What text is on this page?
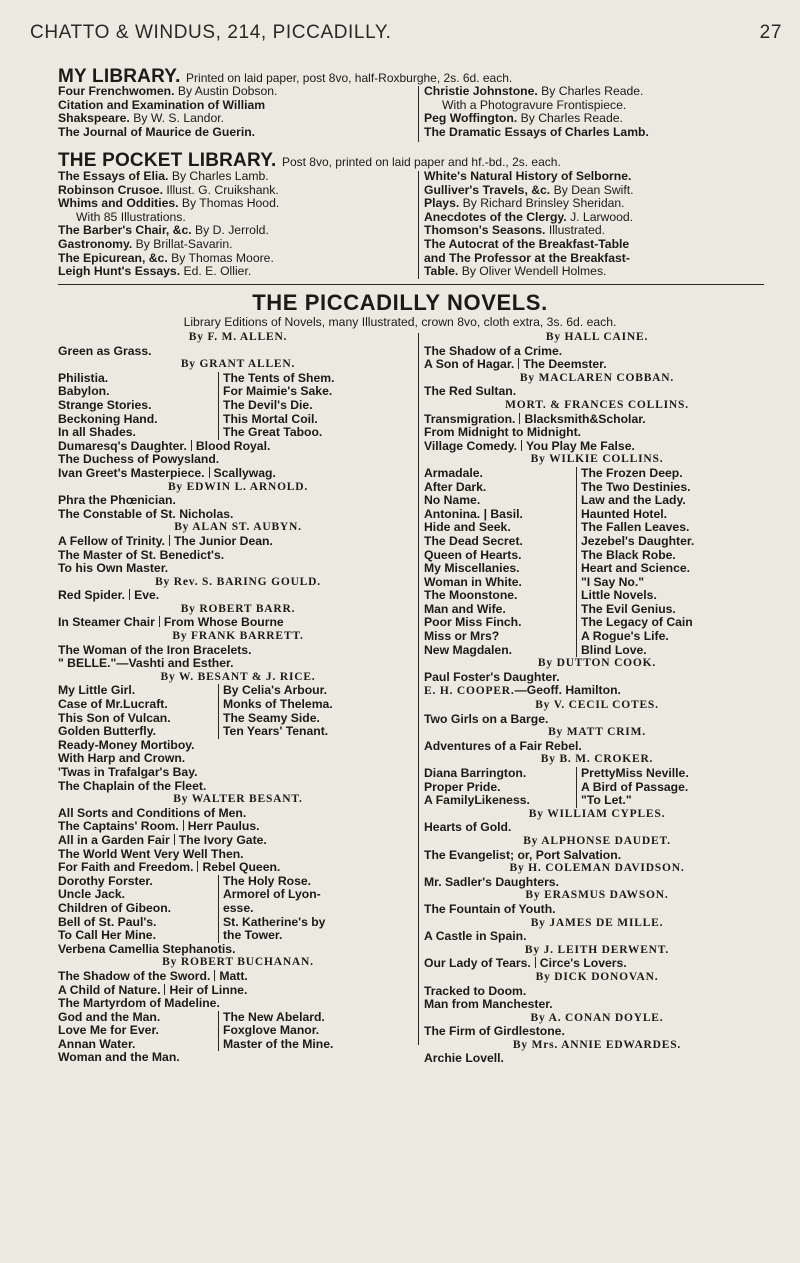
CHATTO & WINDUS, 214, PICCADILLY.	27
MY LIBRARY. Printed on laid paper, post 8vo, half-Roxburghe, 2s. 6d. each.
Four Frenchwomen. By Austin Dobson.
Citation and Examination of William
Shakspeare. By W. S. Landor.
The Journal of Maurice de Guerin.
Christie Johnstone. By Charles Reade.
With a Photogravure Frontispiece.
Peg Woffington. By Charles Reade.
The Dramatic Essays of Charles Lamb.
THE POCKET LIBRARY. Post 8vo, printed on laid paper and hf.-bd., 2s. each.
The Essays of Elia. By Charles Lamb.
Robinson Crusoe. Illust. G. Cruikshank.
Whims and Oddities. By Thomas Hood.
With 85 Illustrations.
The Barber's Chair, &c. By D. Jerrold.
Gastronomy. By Brillat-Savarin.
The Epicurean, &c. By Thomas Moore.
Leigh Hunt's Essays. Ed. E. Ollier.
White's Natural History of Selborne.
Gulliver's Travels, &c. By Dean Swift.
Plays. By Richard Brinsley Sheridan.
Anecdotes of the Clergy. J. Larwood.
Thomson's Seasons. Illustrated.
The Autocrat of the Breakfast-Table
and The Professor at the Breakfast-
Table. By Oliver Wendell Holmes.
THE PICCADILLY NOVELS.
Library Editions of Novels, many Illustrated, crown 8vo, cloth extra, 3s. 6d. each.
By F. M. ALLEN.
Green as Grass.
By GRANT ALLEN.
Philistia.	The Tents of Shem.
Babylon.	For Maimie's Sake.
Strange Stories.	The Devil's Die.
Beckoning Hand.	This Mortal Coil.
In all Shades.	The Great Taboo.
Dumaresq's Daughter. Blood Royal.
The Duchess of Powysland.
Ivan Greet's Masterpiece. Scallywag.
By EDWIN L. ARNOLD.
Phra the Phœnician.
The Constable of St. Nicholas.
By ALAN ST. AUBYN.
A Fellow of Trinity. The Junior Dean.
The Master of St. Benedict's.
To his Own Master.
By Rev. S. BARING GOULD.
Red Spider. Eve.
By ROBERT BARR.
In Steamer Chair From Whose Bourne
By FRANK BARRETT.
The Woman of the Iron Bracelets.
" BELLE."—Vashti and Esther.
By W. BESANT & J. RICE.
My Little Girl.	By Celia's Arbour.
Case of Mr.Lucraft.	Monks of Thelema.
This Son of Vulcan.	The Seamy Side.
Golden Butterfly.	Ten Years' Tenant.
Ready-Money Mortiboy.
With Harp and Crown.
'Twas in Trafalgar's Bay.
The Chaplain of the Fleet.
By WALTER BESANT.
All Sorts and Conditions of Men.
The Captains' Room. Herr Paulus.
All in a Garden Fair The Ivory Gate.
The World Went Very Well Then.
For Faith and Freedom. Rebel Queen.
Dorothy Forster.	The Holy Rose.
Uncle Jack.	Armorel of Lyon-
Children of Gibeon.	esse.
Bell of St. Paul's.	St. Katherine's by
To Call Her Mine.	the Tower.
Verbena Camellia Stephanotis.
By ROBERT BUCHANAN.
The Shadow of the Sword. Matt.
A Child of Nature. Heir of Linne.
The Martyrdom of Madeline.
God and the Man.	The New Abelard.
Love Me for Ever.	Foxglove Manor.
Annan Water.	Master of the Mine.
Woman and the Man.
By HALL CAINE.
The Shadow of a Crime.
A Son of Hagar. The Deemster.
By MACLAREN COBBAN.
The Red Sultan.
MORT. & FRANCES COLLINS.
Transmigration. Blacksmith&Scholar.
From Midnight to Midnight.
Village Comedy. You Play Me False.
By WILKIE COLLINS.
Armadale.	The Frozen Deep.
After Dark.	The Two Destinies.
No Name.	Law and the Lady.
Antonina. | Basil.	Haunted Hotel.
Hide and Seek.	The Fallen Leaves.
The Dead Secret.	Jezebel's Daughter.
Queen of Hearts.	The Black Robe.
My Miscellanies.	Heart and Science.
Woman in White.	"I Say No."
The Moonstone.	Little Novels.
Man and Wife.	The Evil Genius.
Poor Miss Finch.	The Legacy of Cain
Miss or Mrs?	A Rogue's Life.
New Magdalen.	Blind Love.
By DUTTON COOK.
Paul Foster's Daughter.
E. H. COOPER.—Geoff. Hamilton.
By V. CECIL COTES.
Two Girls on a Barge.
By MATT CRIM.
Adventures of a Fair Rebel.
By B. M. CROKER.
Diana Barrington.	PrettyMiss Neville.
Proper Pride.	A Bird of Passage.
A FamilyLikeness.	"To Let."
By WILLIAM CYPLES.
Hearts of Gold.
By ALPHONSE DAUDET.
The Evangelist; or, Port Salvation.
By H. COLEMAN DAVIDSON.
Mr. Sadler's Daughters.
By ERASMUS DAWSON.
The Fountain of Youth.
By JAMES DE MILLE.
A Castle in Spain.
By J. LEITH DERWENT.
Our Lady of Tears. Circe's Lovers.
By DICK DONOVAN.
Tracked to Doom.
Man from Manchester.
By A. CONAN DOYLE.
The Firm of Girdlestone.
By Mrs. ANNIE EDWARDES.
Archie Lovell.
